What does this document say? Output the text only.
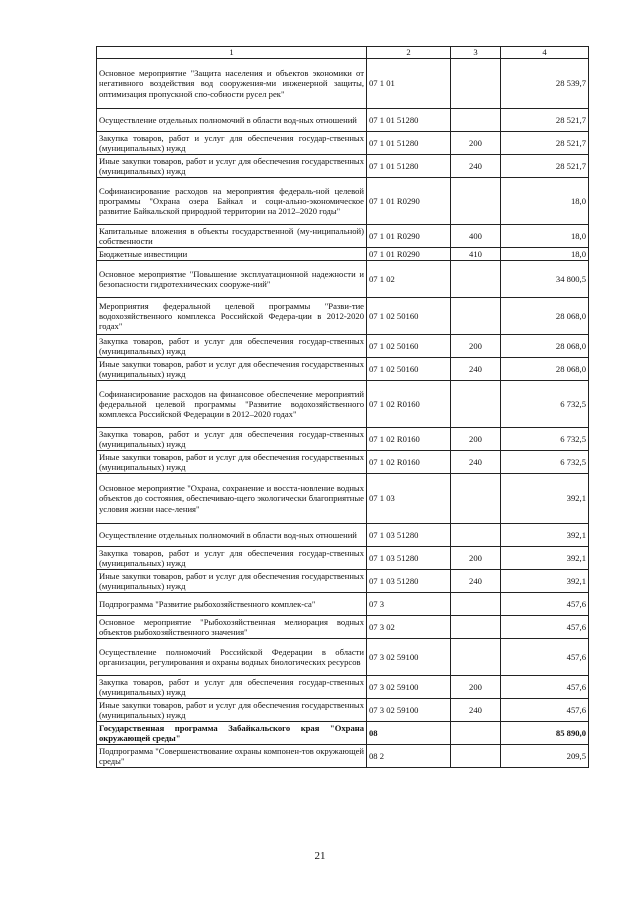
1	2	3	4
Основное мероприятие "Защита населения и объектов экономики от негативного воздействия вод сооружения-ми инженерной защиты, оптимизация пропускной спо-собности русел рек"	07 1 01		28 539,7
Осуществление отдельных полномочий в области вод-ных отношений	07 1 01 51280		28 521,7
Закупка товаров, работ и услуг для обеспечения государ-ственных (муниципальных) нужд	07 1 01 51280	200	28 521,7
Иные закупки товаров, работ и услуг для обеспечения государственных (муниципальных) нужд	07 1 01 51280	240	28 521,7
Софинансирование расходов на мероприятия федераль-ной целевой программы "Охрана озера Байкал и соци-ально-экономическое развитие Байкальской природной территории на 2012–2020 годы"	07 1 01 R0290		18,0
Капитальные вложения в объекты государственной (му-ниципальной) собственности	07 1 01 R0290	400	18,0
Бюджетные инвестиции	07 1 01 R0290	410	18,0
Основное мероприятие "Повышение эксплуатационной надежности и безопасности гидротехнических сооруже-ний"	07 1 02		34 800,5
Мероприятия федеральной целевой программы "Разви-тие водохозяйственного комплекса Российской Федера-ции в 2012-2020 годах"	07 1 02 50160		28 068,0
Закупка товаров, работ и услуг для обеспечения государ-ственных (муниципальных) нужд	07 1 02 50160	200	28 068,0
Иные закупки товаров, работ и услуг для обеспечения государственных (муниципальных) нужд	07 1 02 50160	240	28 068,0
Софинансирование расходов на финансовое обеспечение мероприятий федеральной целевой программы "Развитие водохозяйственного комплекса Российской Федерации в 2012–2020 годах"	07 1 02 R0160		6 732,5
Закупка товаров, работ и услуг для обеспечения государ-ственных (муниципальных) нужд	07 1 02 R0160	200	6 732,5
Иные закупки товаров, работ и услуг для обеспечения государственных (муниципальных) нужд	07 1 02 R0160	240	6 732,5
Основное мероприятие "Охрана, сохранение и восста-новление водных объектов до состояния, обеспечиваю-щего экологически благоприятные условия жизни насе-ления"	07 1 03		392,1
Осуществление отдельных полномочий в области вод-ных отношений	07 1 03 51280		392,1
Закупка товаров, работ и услуг для обеспечения государ-ственных (муниципальных) нужд	07 1 03 51280	200	392,1
Иные закупки товаров, работ и услуг для обеспечения государственных (муниципальных) нужд	07 1 03 51280	240	392,1
Подпрограмма "Развитие рыбохозяйственного комплек-са"	07 3		457,6
Основное мероприятие "Рыбохозяйственная мелиорация водных объектов рыбохозяйственного значения"	07 3 02		457,6
Осуществление полномочий Российской Федерации в области организации, регулирования и охраны водных биологических ресурсов	07 3 02 59100		457,6
Закупка товаров, работ и услуг для обеспечения государ-ственных (муниципальных) нужд	07 3 02 59100	200	457,6
Иные закупки товаров, работ и услуг для обеспечения государственных (муниципальных) нужд	07 3 02 59100	240	457,6
Государственная программа Забайкальского края "Охрана окружающей среды"	08		85 890,0
Подпрограмма "Совершенствование охраны компонен-тов окружающей среды"	08 2		209,5
21
